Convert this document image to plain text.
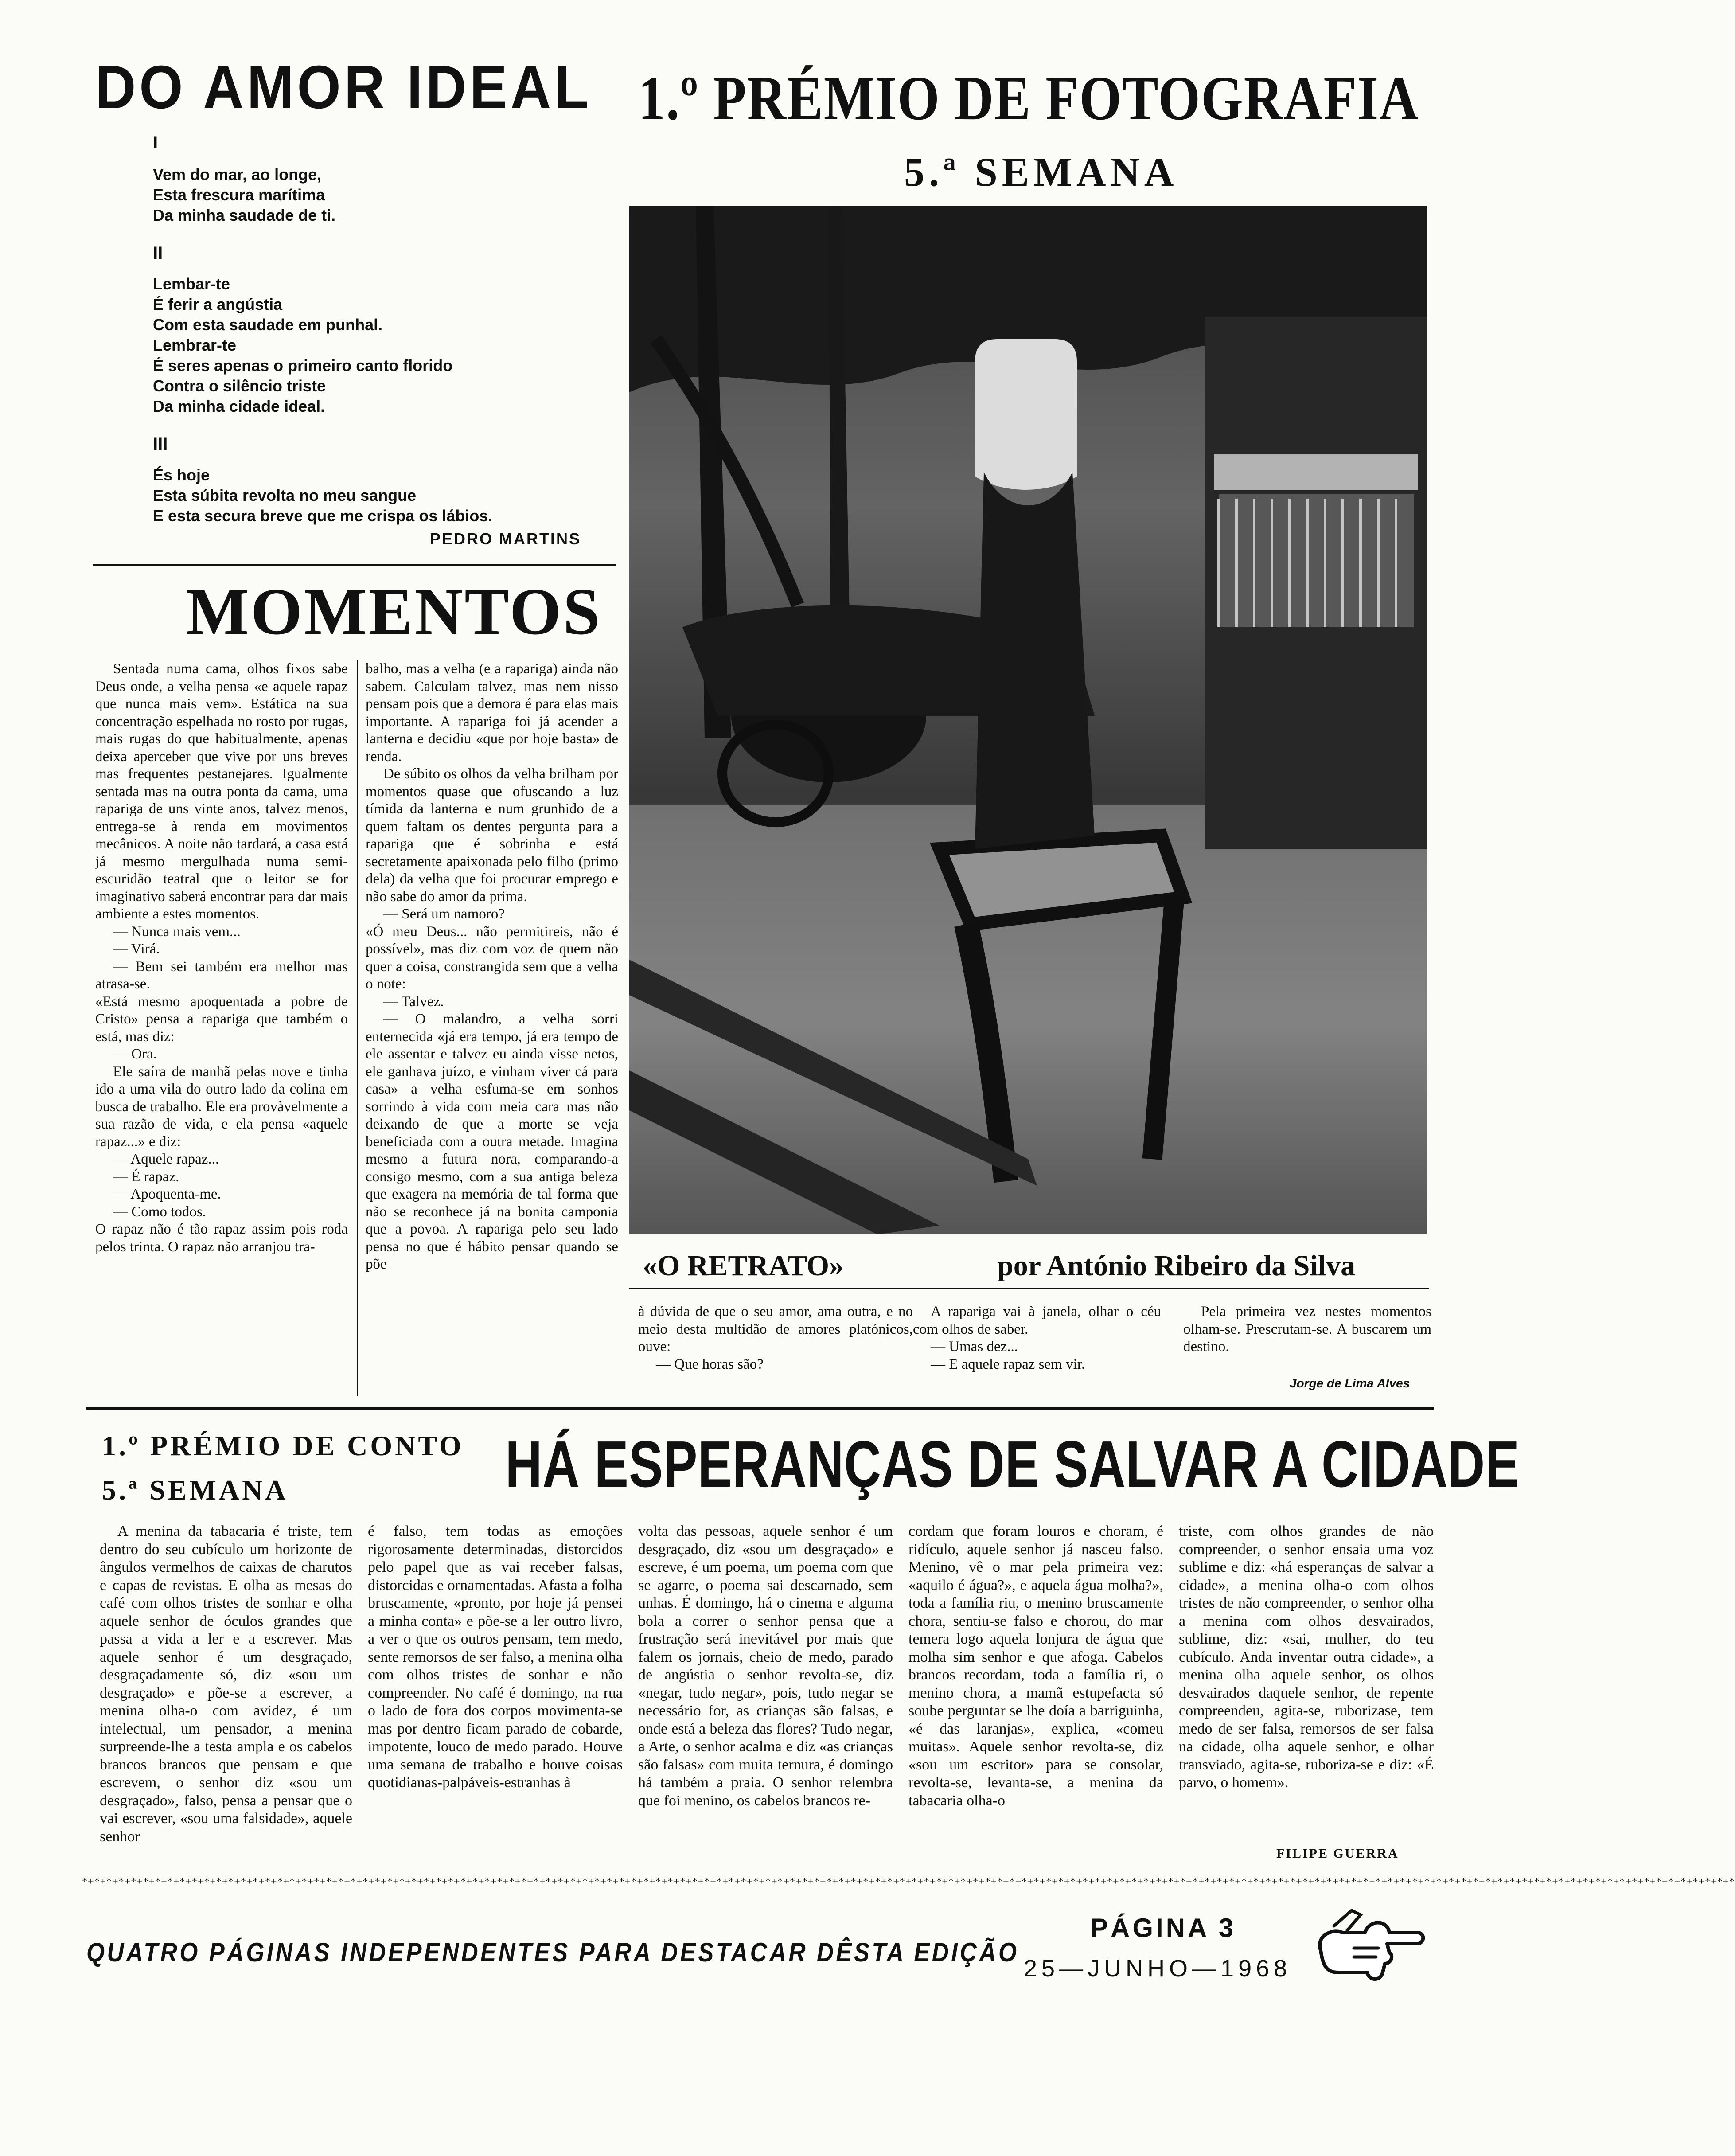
DO AMOR IDEAL
I
Vem do mar, ao longe,
Esta frescura marítima
Da minha saudade de ti.
II
Lembar-te
É ferir a angústia
Com esta saudade em punhal.
Lembrar-te
É seres apenas o primeiro canto florido
Contra o silêncio triste
Da minha cidade ideal.
III
És hoje
Esta súbita revolta no meu sangue
E esta secura breve que me crispa os lábios.
PEDRO MARTINS
1.º PRÉMIO DE FOTOGRAFIA
5.ª SEMANA
«O RETRATO»	por António Ribeiro da Silva
MOMENTOS

Sentada numa cama, olhos fixos sabe Deus onde, a velha pensa «e aquele rapaz que nunca mais vem». Estática na sua concentração espelhada no rosto por rugas, mais rugas do que habitualmente, apenas deixa aperceber que vive por uns breves mas frequentes pestanejares. Igualmente sentada mas na outra ponta da cama, uma rapariga de uns vinte anos, talvez menos, entrega-se à renda em movimentos mecânicos. A noite não tardará, a casa está já mesmo mergulhada numa semi-escuridão teatral que o leitor se for imaginativo saberá encontrar para dar mais ambiente a estes momentos.

— Nunca mais vem...

— Virá.

— Bem sei também era melhor mas atrasa-se.

«Está mesmo apoquentada a pobre de Cristo» pensa a rapariga que também o está, mas diz:

— Ora.

Ele saíra de manhã pelas nove e tinha ido a uma vila do outro lado da colina em busca de trabalho. Ele era provàvelmente a sua razão de vida, e ela pensa «aquele rapaz...» e diz:

— Aquele rapaz...

— É rapaz.

— Apoquenta-me.

— Como todos.

O rapaz não é tão rapaz assim pois roda pelos trinta. O rapaz não arranjou tra-

balho, mas a velha (e a rapariga) ainda não sabem. Calculam talvez, mas nem nisso pensam pois que a demora é para elas mais importante. A rapariga foi já acender a lanterna e decidiu «que por hoje basta» de renda.

De súbito os olhos da velha brilham por momentos quase que ofuscando a luz tímida da lanterna e num grunhido de a quem faltam os dentes pergunta para a rapariga que é sobrinha e está secretamente apaixonada pelo filho (primo dela) da velha que foi procurar emprego e não sabe do amor da prima.

— Será um namoro?

«Ó meu Deus... não permitireis, não é possível», mas diz com voz de quem não quer a coisa, constrangida sem que a velha o note:

— Talvez.

— O malandro, a velha sorri enternecida «já era tempo, já era tempo de ele assentar e talvez eu ainda visse netos, ele ganhava juízo, e vinham viver cá para casa» a velha esfuma-se em sonhos sorrindo à vida com meia cara mas não deixando de que a morte se veja beneficiada com a outra metade. Imagina mesmo a futura nora, comparando-a consigo mesmo, com a sua antiga beleza que exagera na memória de tal forma que não se reconhece já na bonita camponia que a povoa. A rapariga pelo seu lado pensa no que é hábito pensar quando se põe

à dúvida de que o seu amor, ama outra, e no meio desta multidão de amores platónicos, ouve:

— Que horas são?

A rapariga vai à janela, olhar o céu com olhos de saber.

— Umas dez...

— E aquele rapaz sem vir.

Pela primeira vez nestes momentos olham-se. Prescrutam-se. A buscarem um destino.

Jorge de Lima Alves
1.º PRÉMIO DE CONTO
5.ª SEMANA	HÁ ESPERANÇAS DE SALVAR A CIDADE

A menina da tabacaria é triste, tem dentro do seu cubículo um horizonte de ângulos vermelhos de caixas de charutos e capas de revistas. E olha as mesas do café com olhos tristes de sonhar e olha aquele senhor de óculos grandes que passa a vida a ler e a escrever. Mas aquele senhor é um desgraçado, desgraçadamente só, diz «sou um desgraçado» e põe-se a escrever, a menina olha-o com avidez, é um intelectual, um pensador, a menina surpreende-lhe a testa ampla e os cabelos brancos brancos que pensam e que escrevem, o senhor diz «sou um desgraçado», falso, pensa a pensar que o vai escrever, «sou uma falsidade», aquele senhor

é falso, tem todas as emoções rigorosamente determinadas, distorcidos pelo papel que as vai receber falsas, distorcidas e ornamentadas. Afasta a folha bruscamente, «pronto, por hoje já pensei a minha conta» e põe-se a ler outro livro, a ver o que os outros pensam, tem medo, sente remorsos de ser falso, a menina olha com olhos tristes de sonhar e não compreender. No café é domingo, na rua o lado de fora dos corpos movimenta-se mas por dentro ficam parado de cobarde, impotente, louco de medo parado. Houve uma semana de trabalho e houve coisas quotidianas-palpáveis-estranhas à

volta das pessoas, aquele senhor é um desgraçado, diz «sou um desgraçado» e escreve, é um poema, um poema com que se agarre, o poema sai descarnado, sem unhas. É domingo, há o cinema e alguma bola a correr o senhor pensa que a frustração será inevitável por mais que falem os jornais, cheio de medo, parado de angústia o senhor revolta-se, diz «negar, tudo negar», pois, tudo negar se necessário for, as crianças são falsas, e onde está a beleza das flores? Tudo negar, a Arte, o senhor acalma e diz «as crianças são falsas» com muita ternura, é domingo há também a praia. O senhor relembra que foi menino, os cabelos brancos re-

cordam que foram louros e choram, é ridículo, aquele senhor já nasceu falso. Menino, vê o mar pela primeira vez: «aquilo é água?», e aquela água molha?», toda a família riu, o menino bruscamente chora, sentiu-se falso e chorou, do mar temera logo aquela lonjura de água que molha sim senhor e que afoga. Cabelos brancos recordam, toda a família ri, o menino chora, a mamã estupefacta só soube perguntar se lhe doía a barriguinha, «é das laranjas», explica, «comeu muitas». Aquele senhor revolta-se, diz «sou um escritor» para se consolar, revolta-se, levanta-se, a menina da tabacaria olha-o

triste, com olhos grandes de não compreender, o senhor ensaia uma voz sublime e diz: «há esperanças de salvar a cidade», a menina olha-o com olhos tristes de não compreender, o senhor olha a menina com olhos desvairados, sublime, diz: «sai, mulher, do teu cubículo. Anda inventar outra cidade», a menina olha aquele senhor, os olhos desvairados daquele senhor, de repente compreendeu, agita-se, ruborizase, tem medo de ser falsa, remorsos de ser falsa na cidade, olha aquele senhor, e olhar transviado, agita-se, ruboriza-se e diz: «É parvo, o homem».

FILIPE GUERRA
*+*+*+*+*+*+*+*+*+*+*+*+*+*+*+*+*+*+*+*+*+*+*+*+*+*+*+*+*+*+*+*+*+*+*+*+*+*+*+*+*+*+*+*+*+*+*+*+*+*+*+*+*+*+*+*+*+*+*+*+*+*+*+*+*+*+*+*+*+*+*+*+*+*+*+*+*+*+*+*+*+*+*+*+*+*+*+*+*+*+*+*+*+*+*+*+*+*+*+*+*+*+*+*+*+*+*+*+*+*+*+*+*+*+*+*+*+*+*+*+*+*+*+*+*+*+*+*+*+*+*+*+*+*+*+*
QUATRO PÁGINAS INDEPENDENTES PARA DESTACAR DÊSTA EDIÇÃO
PÁGINA 3
25—JUNHO—1968
